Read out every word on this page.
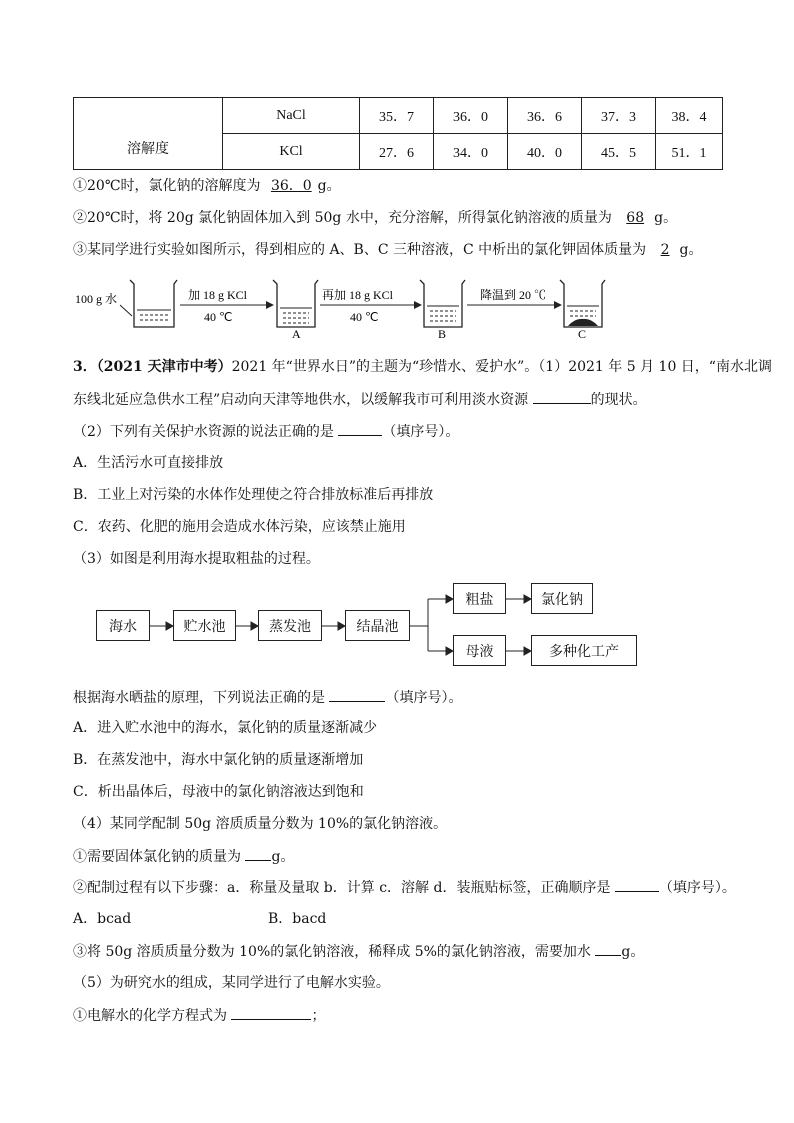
溶解度	NaCl	35．7	36．0	36．6	37．3	38．4
	KCl	27．6	34．0	40．0	45．5	51．1
①20℃时，氯化钠的溶解度为 36．0 g。
②20℃时，将 20g 氯化钠固体加入到 50g 水中，充分溶解，所得氯化钠溶液的质量为 68 g。
③某同学进行实验如图所示，得到相应的 A、B、C 三种溶液，C 中析出的氯化钾固体质量为 2 g。
100 g 水	加 18 g KCl
40 ℃
A
再加 18 g KCl
40 ℃
B
降温到 20 ℃
C
3．（2021 天津市中考）2021 年“世界水日”的主题为“珍惜水、爱护水”。（1）2021 年 5 月 10 日，“南水北调
东线北延应急供水工程”启动向天津等地供水，以缓解我市可利用淡水资源	的现状。
（2）下列有关保护水资源的说法正确的是	（填序号）。
A．生活污水可直接排放
B．工业上对污染的水体作处理使之符合排放标准后再排放
C．农药、化肥的施用会造成水体污染，应该禁止施用
（3）如图是利用海水提取粗盐的过程。
海水	贮水池	蒸发池	结晶池
粗盐	氯化钠
母液	多种化工产
根据海水晒盐的原理，下列说法正确的是	（填序号）。
A．进入贮水池中的海水，氯化钠的质量逐渐减少
B．在蒸发池中，海水中氯化钠的质量逐渐增加
C．析出晶体后，母液中的氯化钠溶液达到饱和
（4）某同学配制 50g 溶质质量分数为 10%的氯化钠溶液。
①需要固体氯化钠的质量为 g。
②配制过程有以下步骤：a．称量及量取 b．计算 c．溶解 d．装瓶贴标签，正确顺序是	（填序号）。
A．bcad	B．bacd
③将 50g 溶质质量分数为 10%的氯化钠溶液，稀释成 5%的氯化钠溶液，需要加水 g。
（5）为研究水的组成，某同学进行了电解水实验。
①电解水的化学方程式为	；
